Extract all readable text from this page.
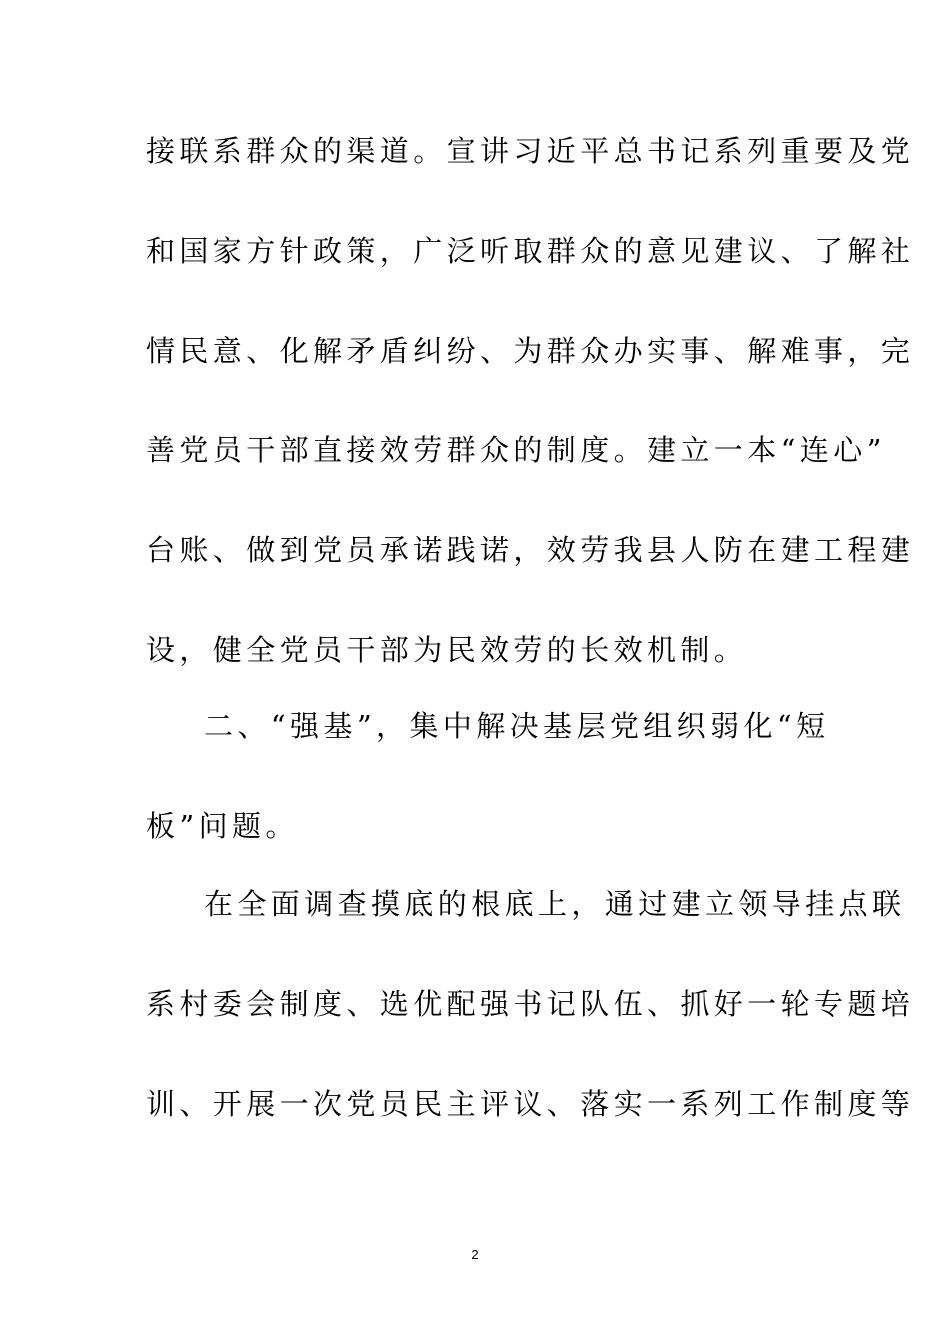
接联系群众的渠道。宣讲习近平总书记系列重要及党
和国家方针政策，广泛听取群众的意见建议、了解社
情民意、化解矛盾纠纷、为群众办实事、解难事，完
善党员干部直接效劳群众的制度。建立一本“连心”
台账、做到党员承诺践诺，效劳我县人防在建工程建
设，健全党员干部为民效劳的长效机制。
二、“强基”，集中解决基层党组织弱化“短
板”问题。
在全面调查摸底的根底上，通过建立领导挂点联
系村委会制度、选优配强书记队伍、抓好一轮专题培
训、开展一次党员民主评议、落实一系列工作制度等
2
